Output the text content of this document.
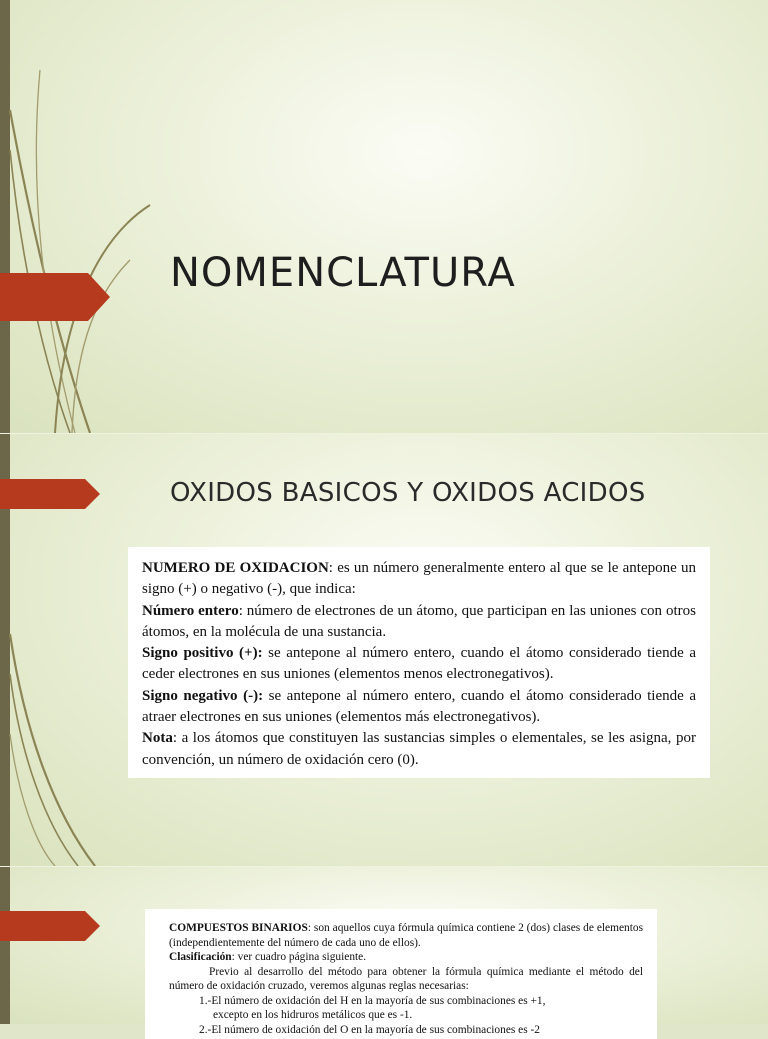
NOMENCLATURA
OXIDOS BASICOS Y OXIDOS ACIDOS

NUMERO DE OXIDACION: es un número generalmente entero al que se le antepone un signo (+) o negativo (-), que indica:

Número entero: número de electrones de un átomo, que participan en las uniones con otros átomos, en la molécula de una sustancia.

Signo positivo (+): se antepone al número entero, cuando el átomo considerado tiende a ceder electrones en sus uniones (elementos menos electronegativos).

Signo negativo (-): se antepone al número entero, cuando el átomo considerado tiende a atraer electrones en sus uniones (elementos más electronegativos).

Nota: a los átomos que constituyen las sustancias simples o elementales, se les asigna, por convención, un número de oxidación cero (0).

COMPUESTOS BINARIOS: son aquellos cuya fórmula química contiene 2 (dos) clases de elementos (independientemente del número de cada uno de ellos).

Clasificación: ver cuadro página siguiente.

Previo al desarrollo del método para obtener la fórmula química mediante el método del número de oxidación cruzado, veremos algunas reglas necesarias:

1.-El número de oxidación del H en la mayoría de sus combinaciones es +1,

excepto en los hidruros metálicos que es -1.

2.-El número de oxidación del O en la mayoría de sus combinaciones es -2
